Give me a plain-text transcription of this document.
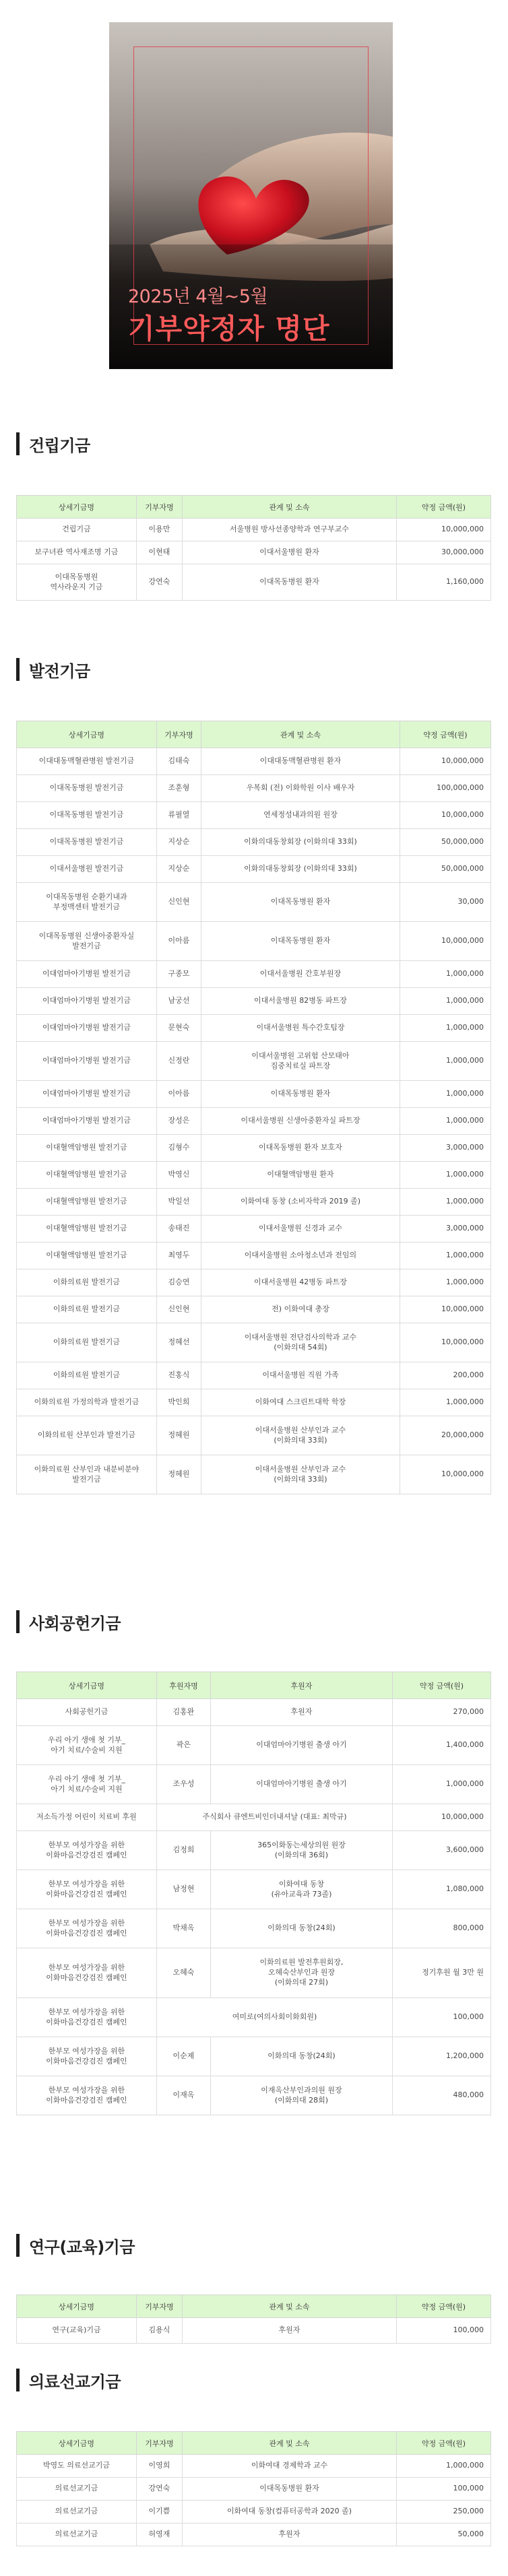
2025년 4월~5월
기부약정자 명단
건립기금
상세기금명	기부자명	관계 및 소속	약정 금액(원)
건립기금	이용만	서울병원 방사선종양학과 연구부교수	10,000,000
보구녀관 역사재조명 기금	이현태	이대서울병원 환자	30,000,000
이대목동병원
역사라운지 기금	강연숙	이대목동병원 환자	1,160,000
발전기금
상세기금명	기부자명	관계 및 소속	약정 금액(원)
이대대동맥혈관병원 발전기금	김태숙	이대대동맥혈관병원 환자	10,000,000
이대목동병원 발전기금	조훈형	우복회 (전) 이화학원 이사 배우자	100,000,000
이대목동병원 발전기금	류필열	연세정성내과의원 원장	10,000,000
이대목동병원 발전기금	지상순	이화의대동창회장 (이화의대 33회)	50,000,000
이대서울병원 발전기금	지상순	이화의대동창회장 (이화의대 33회)	50,000,000
이대목동병원 순환기내과
부정맥센터 발전기금	신인현	이대목동병원 환자	30,000
이대목동병원 신생아중환자실
발전기금	이아름	이대목동병원 환자	10,000,000
이대엄마아기병원 발전기금	구종모	이대서울병원 간호부원장	1,000,000
이대엄마아기병원 발전기금	남궁선	이대서울병원 82병동 파트장	1,000,000
이대엄마아기병원 발전기금	문현숙	이대서울병원 특수간호팀장	1,000,000
이대엄마아기병원 발전기금	신정란	이대서울병원 고위험 산모태아
집중치료실 파트장	1,000,000
이대엄마아기병원 발전기금	이아름	이대목동병원 환자	1,000,000
이대엄마아기병원 발전기금	장성은	이대서울병원 신생아중환자실 파트장	1,000,000
이대혈액암병원 발전기금	김형수	이대목동병원 환자 보호자	3,000,000
이대혈액암병원 발전기금	박영신	이대혈액암병원 환자	1,000,000
이대혈액암병원 발전기금	박일선	이화여대 동창 (소비자학과 2019 졸)	1,000,000
이대혈액암병원 발전기금	송태진	이대서울병원 신경과 교수	3,000,000
이대혈액암병원 발전기금	최영두	이대서울병원 소아청소년과 전임의	1,000,000
이화의료원 발전기금	김승연	이대서울병원 42병동 파트장	1,000,000
이화의료원 발전기금	신인현	전) 이화여대 총장	10,000,000
이화의료원 발전기금	정혜선	이대서울병원 전단검사의학과 교수
(이화의대 54회)	10,000,000
이화의료원 발전기금	진홍식	이대서울병원 직원 가족	200,000
이화의료원 가정의학과 발전기금	박인희	이화여대 스크린트대학 학장	1,000,000
이화의료원 산부인과 발전기금	정혜원	이대서울병원 산부인과 교수
(이화의대 33회)	20,000,000
이화의료원 산부인과 내분비분야
발전기금	정혜원	이대서울병원 산부인과 교수
(이화의대 33회)	10,000,000
사회공헌기금
상세기금명	후원자명	후원자	약정 금액(원)
사회공헌기금	김홍완	후원자	270,000
우리 아기 생애 첫 기부_
아기 치료/수술비 지원	곽은	이대엄마아기병원 출생 아기	1,400,000
우리 아기 생애 첫 기부_
아기 치료/수술비 지원	조우성	이대엄마아기병원 출생 아기	1,000,000
저소득가정 어린이 치료비 후원	주식회사 큐엔트비인더내셔날 (대표: 최막규)		10,000,000
한부모 여성가장을 위한
이화마음건강검진 캠페인	김정희	365이화동는세상의원 원장
(이화의대 36회)	3,600,000
한부모 여성가장을 위한
이화마음건강검진 캠페인	남정현	이화여대 동창
(유아교육과 73졸)	1,080,000
한부모 여성가장을 위한
이화마음건강검진 캠페인	박채옥	이화의대 동창(24회)	800,000
한부모 여성가장을 위한
이화마음건강검진 캠페인	오혜숙	이화의료원 발전후원회장,
오혜숙산부인과 원장
(이화의대 27회)	정기후원 월 3만 원
한부모 여성가장을 위한
이화마음건강검진 캠페인	여미로(여의사회이화회원)		100,000
한부모 여성가장을 위한
이화마음건강검진 캠페인	이순제	이화의대 동창(24회)	1,200,000
한부모 여성가장을 위한
이화마음건강검진 캠페인	이재옥	이재옥산부인과의원 원장
(이화의대 28회)	480,000
연구(교육)기금
상세기금명	기부자명	관계 및 소속	약정 금액(원)
연구(교육)기금	김용식	후원자	100,000
의료선교기금
상세기금명	기부자명	관계 및 소속	약정 금액(원)
박영도 의료선교기금	이영희	이화여대 경제학과 교수	1,000,000
의료선교기금	강연숙	이대목동병원 환자	100,000
의료선교기금	이기쁨	이화여대 동창(컴퓨터공학과 2020 졸)	250,000
의료선교기금	허영재	후원자	50,000
